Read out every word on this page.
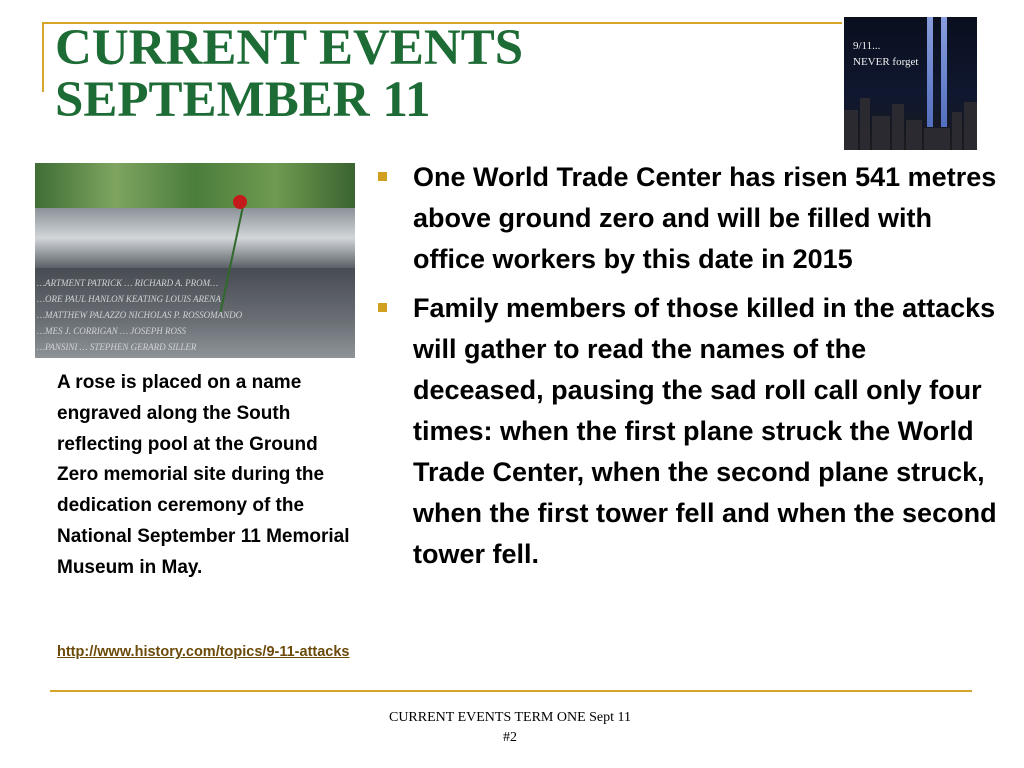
CURRENT EVENTS
SEPTEMBER 11
9/11...
NEVER forget
…ARTMENT PATRICK … RICHARD A. PROM…
…ORE PAUL HANLON KEATING LOUIS ARENA
…MATTHEW PALAZZO NICHOLAS P. ROSSOMANDO
…MES J. CORRIGAN … JOSEPH ROSS
…PANSINI … STEPHEN GERARD SILLER

A rose is placed on a name engraved along the South reflecting pool at the Ground Zero memorial site during the dedication ceremony of the National September 11 Memorial Museum in May.

http://www.history.com/topics/9-11-attacks
One World Trade Center has risen 541 metres above ground zero and will be filled with office workers by this date in 2015
Family members of those killed in the attacks will gather to read the names of the deceased, pausing the sad roll call only four times: when the first plane struck the World Trade Center, when the second plane struck, when the first tower fell and when the second tower fell.
CURRENT EVENTS TERM ONE Sept 11
#2
